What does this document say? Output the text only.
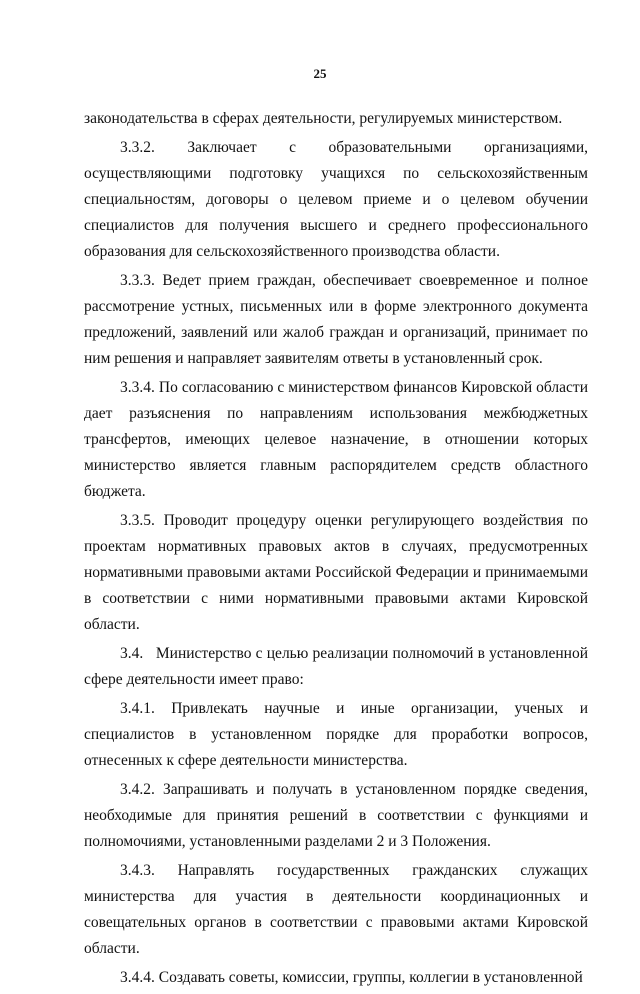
25

законодательства в сферах деятельности, регулируемых министерством.

3.3.2. Заключает с образовательными организациями, осуществляющими подготовку учащихся по сельскохозяйственным специальностям, договоры о целевом приеме и о целевом обучении специалистов для получения высшего и среднего профессионального образования для сельскохозяйственного производства области.

3.3.3. Ведет прием граждан, обеспечивает своевременное и полное рассмотрение устных, письменных или в форме электронного документа предложений, заявлений или жалоб граждан и организаций, принимает по ним решения и направляет заявителям ответы в установленный срок.

3.3.4. По согласованию с министерством финансов Кировской области дает разъяснения по направлениям использования межбюджетных трансфертов, имеющих целевое назначение, в отношении которых министерство является главным распорядителем средств областного бюджета.

3.3.5. Проводит процедуру оценки регулирующего воздействия по проектам нормативных правовых актов в случаях, предусмотренных нормативными правовыми актами Российской Федерации и принимаемыми в соответствии с ними нормативными правовыми актами Кировской области.

3.4.   Министерство с целью реализации полномочий в установленной сфере деятельности имеет право:

3.4.1. Привлекать научные и иные организации, ученых и специалистов в установленном порядке для проработки вопросов, отнесенных к сфере деятельности министерства.

3.4.2. Запрашивать и получать в установленном порядке сведения, необходимые для принятия решений в соответствии с функциями и полномочиями, установленными разделами 2 и 3 Положения.

3.4.3. Направлять государственных гражданских служащих министерства для участия в деятельности координационных и совещательных органов в соответствии с правовыми актами Кировской области.

3.4.4. Создавать советы, комиссии, группы, коллегии в установленной
